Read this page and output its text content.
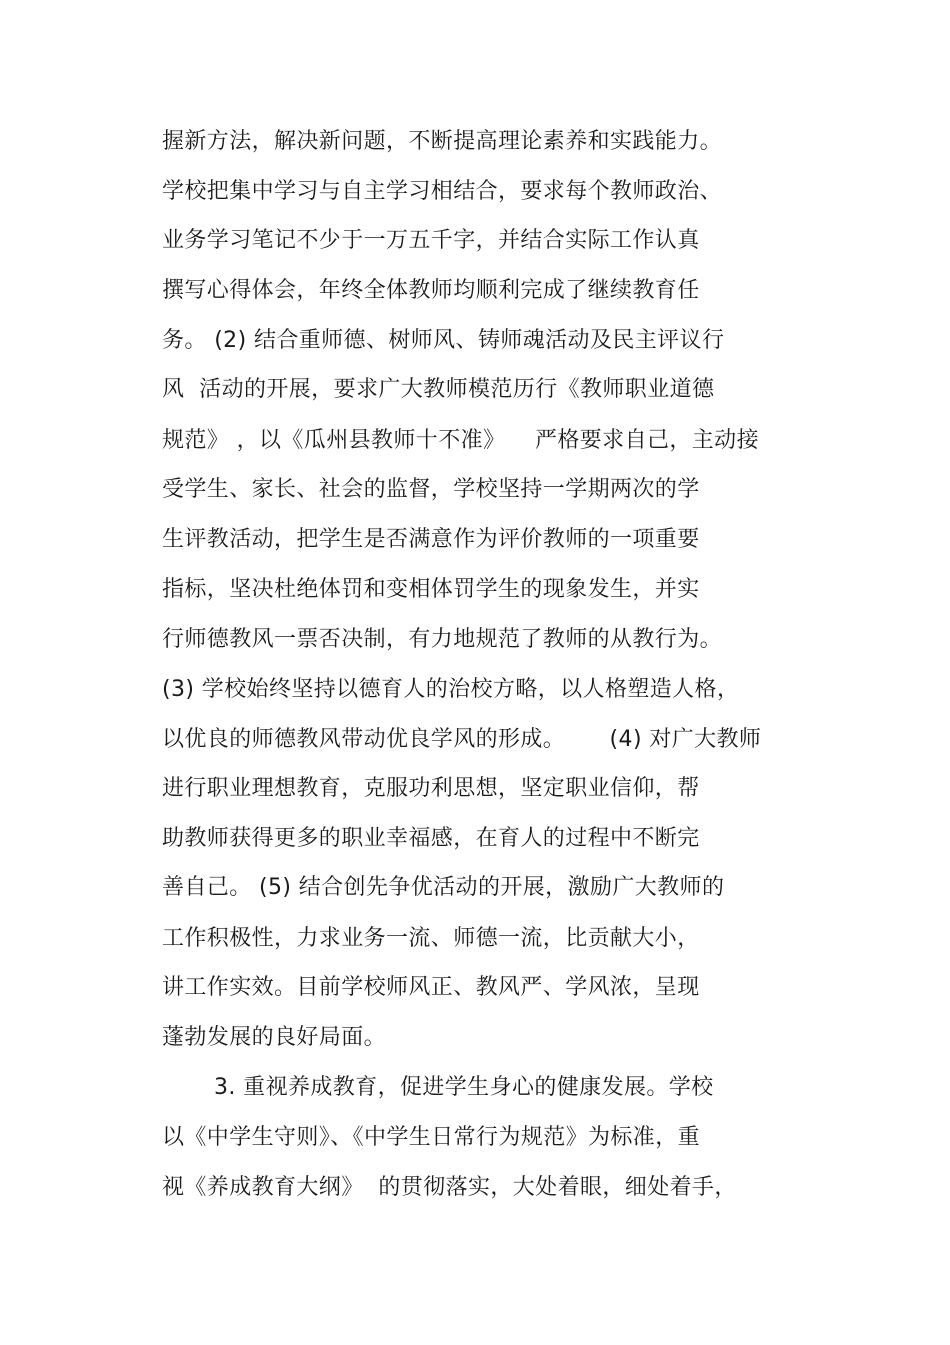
握新方法，解决新问题，不断提高理论素养和实践能力。
学校把集中学习与自主学习相结合，要求每个教师政治、
业务学习笔记不少于一万五千字，并结合实际工作认真
撰写心得体会，年终全体教师均顺利完成了继续教育任
务。 (2) 结合重师德、树师风、铸师魂活动及民主评议行
风  活动的开展，要求广大教师模范历行《教师职业道德
规范》 ，以《瓜州县教师十不准》    严格要求自己，主动接
受学生、家长、社会的监督，学校坚持一学期两次的学
生评教活动，把学生是否满意作为评价教师的一项重要
指标，坚决杜绝体罚和变相体罚学生的现象发生，并实
行师德教风一票否决制，有力地规范了教师的从教行为。
(3) 学校始终坚持以德育人的治校方略，以人格塑造人格，
以优良的师德教风带动优良学风的形成。      (4) 对广大教师
进行职业理想教育，克服功利思想，坚定职业信仰，帮
助教师获得更多的职业幸福感，在育人的过程中不断完
善自己。 (5) 结合创先争优活动的开展，激励广大教师的
工作积极性，力求业务一流、师德一流，比贡献大小，
讲工作实效。目前学校师风正、教风严、学风浓，呈现
蓬勃发展的良好局面。
3. 重视养成教育，促进学生身心的健康发展。学校
以《中学生守则》、《中学生日常行为规范》为标准，重
视《养成教育大纲》  的贯彻落实，大处着眼，细处着手，
